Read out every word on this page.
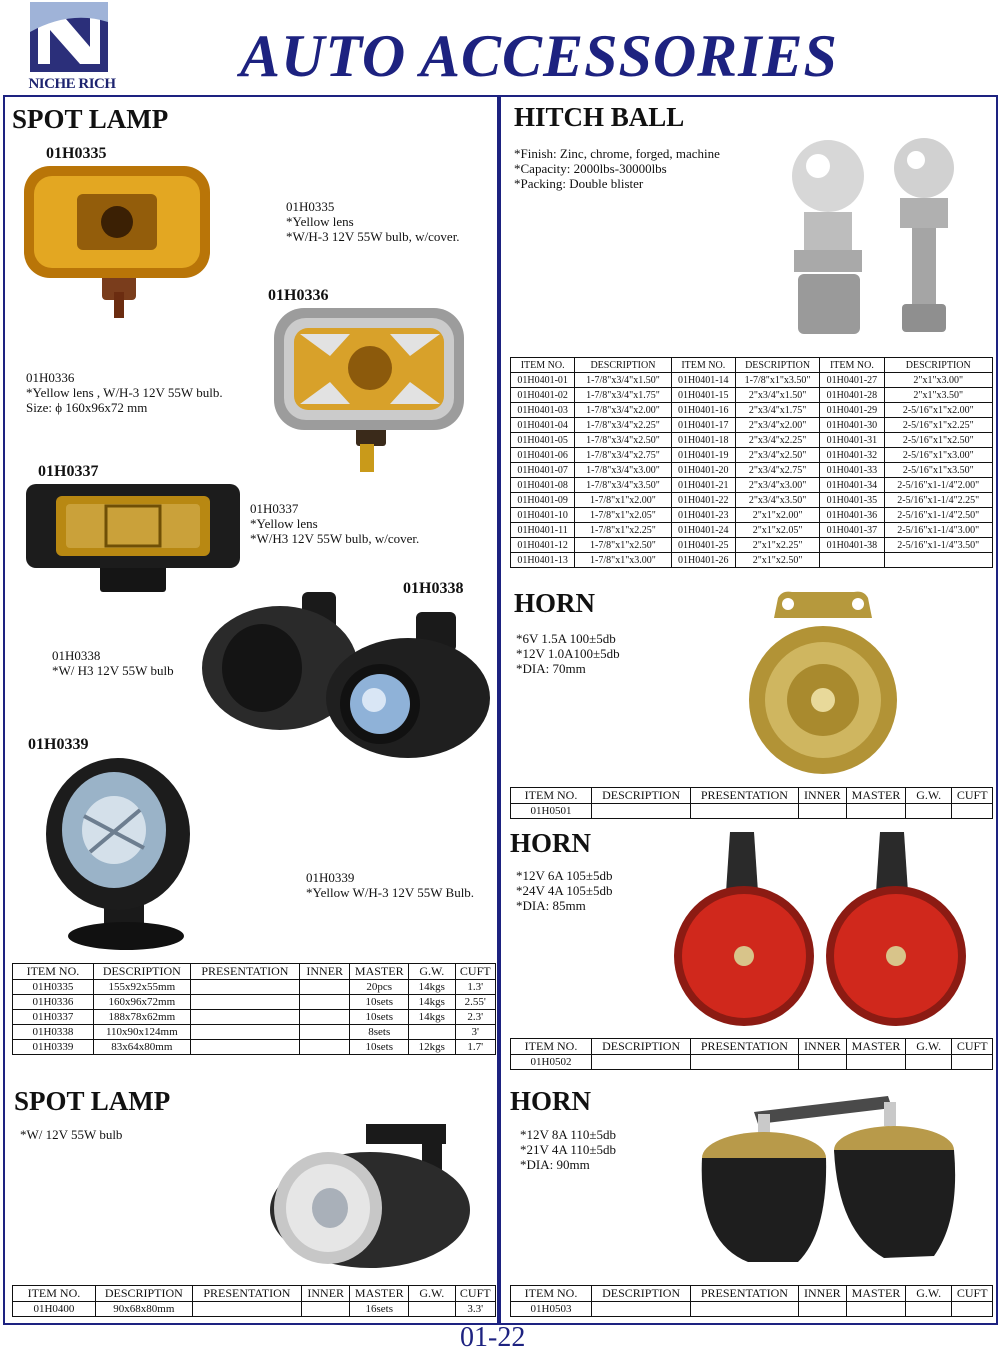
NICHE RICH AUTO ACCESSORIES
SPOT LAMP
01H0335
01H0335
*Yellow lens
*W/H-3 12V 55W bulb, w/cover.
01H0336
01H0336
*Yellow lens , W/H-3 12V 55W bulb.
Size: ϕ 160x96x72 mm
01H0337
01H0337
*Yellow lens
*W/H3 12V 55W bulb, w/cover.
01H0338
01H0338
*W/ H3 12V 55W bulb
01H0339
01H0339
*Yellow W/H-3 12V 55W Bulb.
ITEM NO.	DESCRIPTION	PRESENTATION	INNER	MASTER	G.W.	CUFT
01H0335	155x92x55mm			20pcs	14kgs	1.3'
01H0336	160x96x72mm			10sets	14kgs	2.55'
01H0337	188x78x62mm			10sets	14kgs	2.3'
01H0338	110x90x124mm			8sets		3'
01H0339	83x64x80mm			10sets	12kgs	1.7'
SPOT LAMP
*W/ 12V 55W bulb
ITEM NO.	DESCRIPTION	PRESENTATION	INNER	MASTER	G.W.	CUFT
01H0400	90x68x80mm			16sets		3.3'
HITCH BALL
*Finish: Zinc, chrome, forged, machine
*Capacity: 2000lbs-30000lbs
*Packing: Double blister
ITEM NO.	DESCRIPTION	ITEM NO.	DESCRIPTION	ITEM NO.	DESCRIPTION
01H0401-01	1-7/8"x3/4"x1.50"	01H0401-14	1-7/8"x1"x3.50"	01H0401-27	2"x1"x3.00"
01H0401-02	1-7/8"x3/4"x1.75"	01H0401-15	2"x3/4"x1.50"	01H0401-28	2"x1"x3.50"
01H0401-03	1-7/8"x3/4"x2.00"	01H0401-16	2"x3/4"x1.75"	01H0401-29	2-5/16"x1"x2.00"
01H0401-04	1-7/8"x3/4"x2.25"	01H0401-17	2"x3/4"x2.00"	01H0401-30	2-5/16"x1"x2.25"
01H0401-05	1-7/8"x3/4"x2.50"	01H0401-18	2"x3/4"x2.25"	01H0401-31	2-5/16"x1"x2.50"
01H0401-06	1-7/8"x3/4"x2.75"	01H0401-19	2"x3/4"x2.50"	01H0401-32	2-5/16"x1"x3.00"
01H0401-07	1-7/8"x3/4"x3.00"	01H0401-20	2"x3/4"x2.75"	01H0401-33	2-5/16"x1"x3.50"
01H0401-08	1-7/8"x3/4"x3.50"	01H0401-21	2"x3/4"x3.00"	01H0401-34	2-5/16"x1-1/4"2.00"
01H0401-09	1-7/8"x1"x2.00"	01H0401-22	2"x3/4"x3.50"	01H0401-35	2-5/16"x1-1/4"2.25"
01H0401-10	1-7/8"x1"x2.05"	01H0401-23	2"x1"x2.00"	01H0401-36	2-5/16"x1-1/4"2.50"
01H0401-11	1-7/8"x1"x2.25"	01H0401-24	2"x1"x2.05"	01H0401-37	2-5/16"x1-1/4"3.00"
01H0401-12	1-7/8"x1"x2.50"	01H0401-25	2"x1"x2.25"	01H0401-38	2-5/16"x1-1/4"3.50"
01H0401-13	1-7/8"x1"x3.00"	01H0401-26	2"x1"x2.50"		
HORN
*6V 1.5A 100±5db
*12V 1.0A100±5db
*DIA: 70mm
ITEM NO.	DESCRIPTION	PRESENTATION	INNER	MASTER	G.W.	CUFT
01H0501						
HORN
*12V 6A 105±5db
*24V 4A 105±5db
*DIA: 85mm
ITEM NO.	DESCRIPTION	PRESENTATION	INNER	MASTER	G.W.	CUFT
01H0502						
HORN
*12V 8A 110±5db
*21V 4A 110±5db
*DIA: 90mm
ITEM NO.	DESCRIPTION	PRESENTATION	INNER	MASTER	G.W.	CUFT
01H0503						
01-22
